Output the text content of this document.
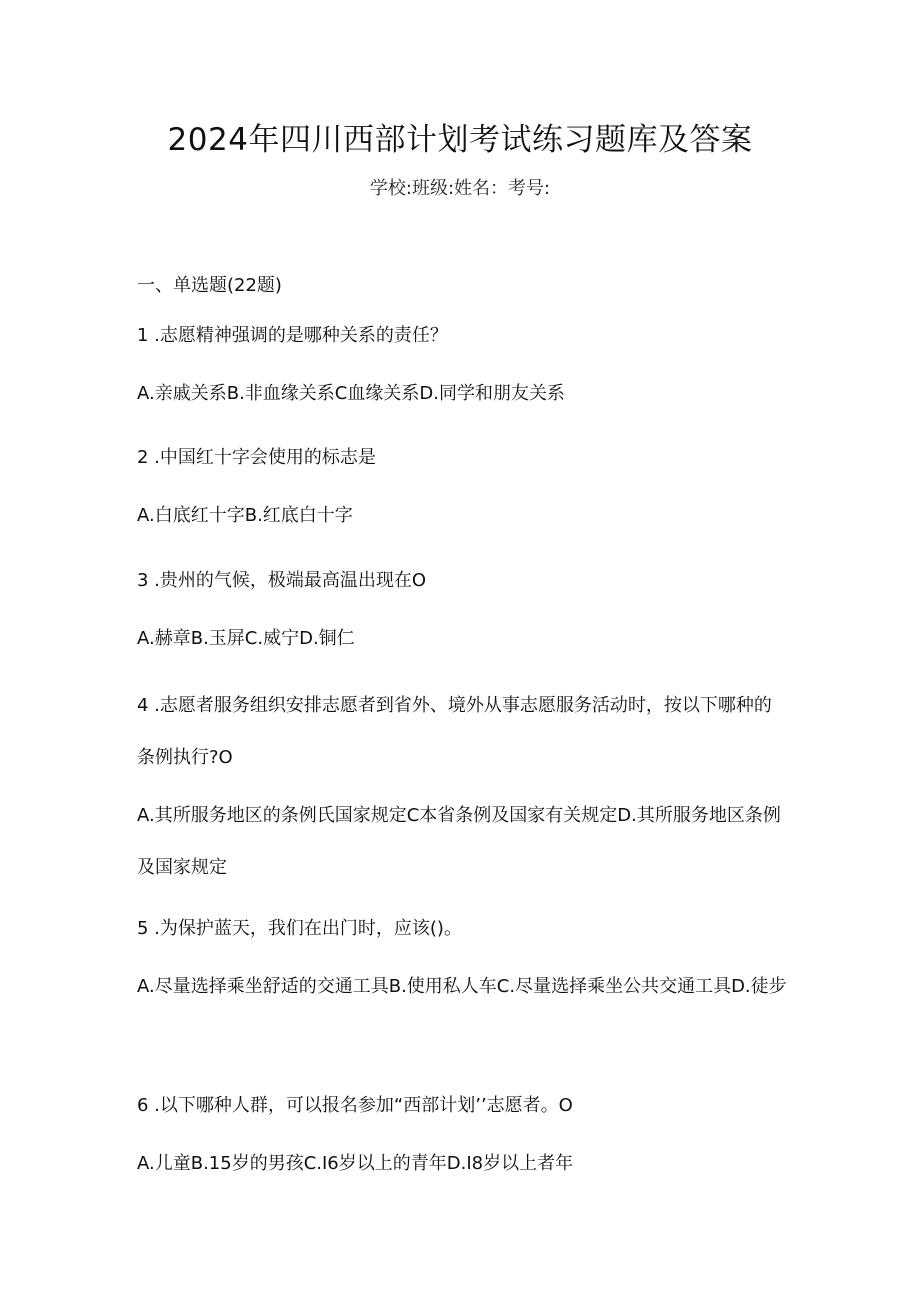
2024年四川西部计划考试练习题库及答案
学校:班级:姓名：考号:
一、单选题(22题)
1 .志愿精神强调的是哪种关系的责任？
A.亲戚关系B.非血缘关系C血缘关系D.同学和朋友关系
2 .中国红十字会使用的标志是
A.白底红十字B.红底白十字
3 .贵州的气候，极端最高温出现在O
A.赫章B.玉屏C.威宁D.铜仁
4 .志愿者服务组织安排志愿者到省外、境外从事志愿服务活动时，按以下哪种的条例执行?O
A.其所服务地区的条例氏国家规定C本省条例及国家有关规定D.其所服务地区条例及国家规定
5 .为保护蓝天，我们在出门时，应该()。
A.尽量选择乘坐舒适的交通工具B.使用私人车C.尽量选择乘坐公共交通工具D.徒步
6 .以下哪种人群，可以报名参加“西部计划’’志愿者。O
A.儿童B.15岁的男孩C.I6岁以上的青年D.I8岁以上者年
